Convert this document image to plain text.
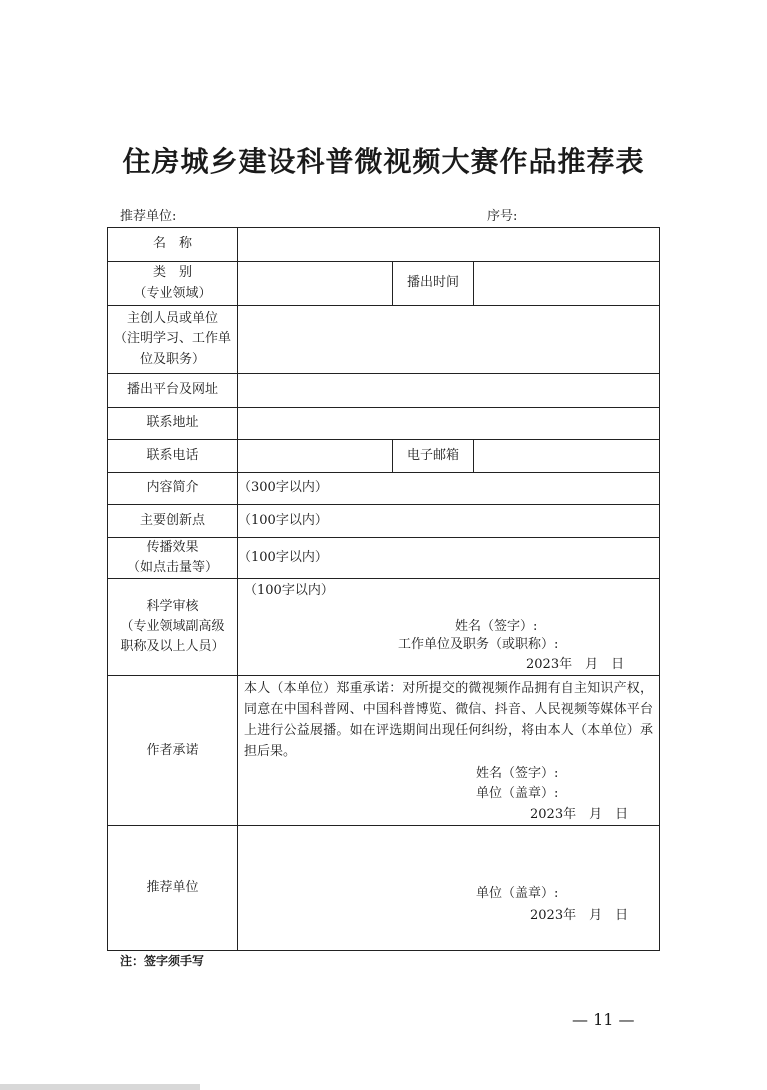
住房城乡建设科普微视频大赛作品推荐表
推荐单位:	序号:
名　称			

类　别
（专业领域）		播出时间	

主创人员或单位
（注明学习、工作单
位及职务）			

播出平台及网址			
联系地址			
联系电话		电子邮箱	
内容简介	（300字以内）		

主要创新点	（100字以内）		

传播效果
（如点击量等）	（100字以内）		

科学审核
（专业领域副高级
职称及以上人员）	（100字以内）
姓名（签字）:
工作单位及职务（或职称）:
2023年　月　日		

作者承诺	本人（本单位）郑重承诺：对所提交的微视频作品拥有自主知识产权，同意在中国科普网、中国科普博览、微信、抖音、人民视频等媒体平台上进行公益展播。如在评选期间出现任何纠纷，将由本人（本单位）承担后果。
姓名（签字）:
单位（盖章）:
2023年　月　日		

推荐单位	单位（盖章）:
2023年　月　日		
注：签字须手写
— 11 —
